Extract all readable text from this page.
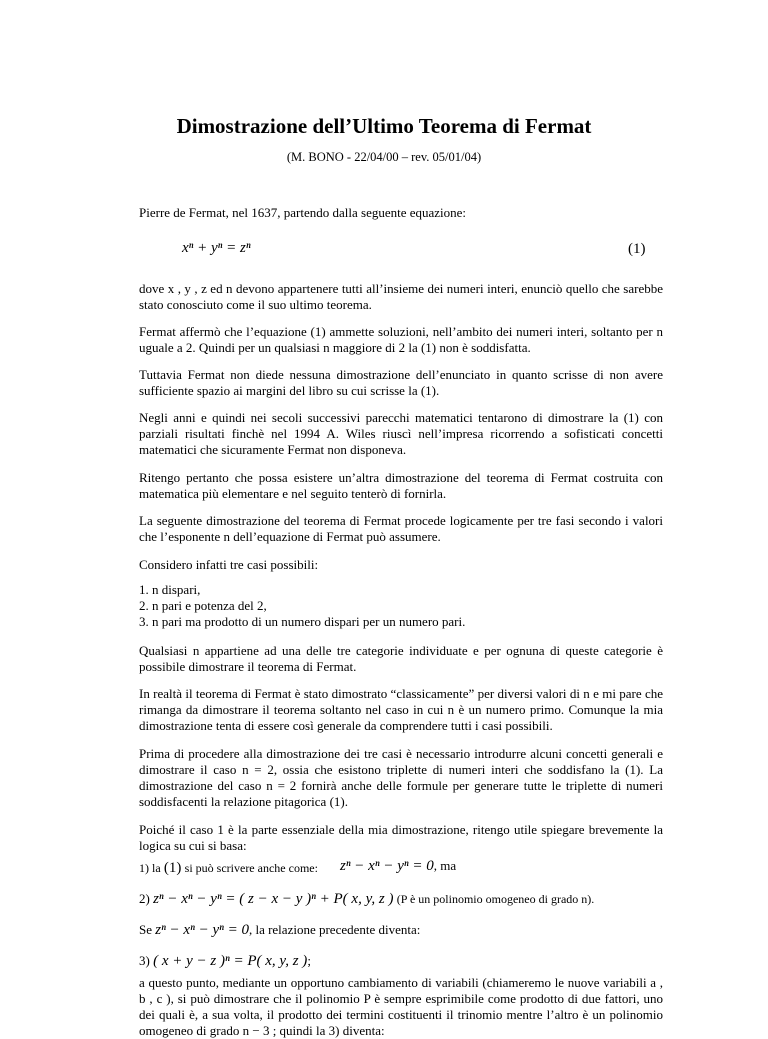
Dimostrazione dell’Ultimo Teorema di Fermat
(M. BONO - 22/04/00 – rev. 05/01/04)

Pierre de Fermat, nel 1637, partendo dalla seguente equazione:

xⁿ + yⁿ = zⁿ	(1)

dove x , y , z ed n devono appartenere tutti all’insieme dei numeri interi, enunciò quello che sarebbe stato conosciuto come il suo ultimo teorema.

Fermat affermò che l’equazione (1) ammette soluzioni, nell’ambito dei numeri interi, soltanto per n uguale a 2. Quindi per un qualsiasi n maggiore di 2 la (1) non è soddisfatta.

Tuttavia Fermat non diede nessuna dimostrazione dell’enunciato in quanto scrisse di non avere sufficiente spazio ai margini del libro su cui scrisse la (1).

Negli anni e quindi nei secoli successivi parecchi matematici tentarono di dimostrare la (1) con parziali risultati finchè nel 1994 A. Wiles riuscì nell’impresa ricorrendo a sofisticati concetti matematici che sicuramente Fermat non disponeva.

Ritengo pertanto che possa esistere un’altra dimostrazione del teorema di Fermat costruita con matematica più elementare e nel seguito tenterò di fornirla.

La seguente dimostrazione del teorema di Fermat procede logicamente per tre fasi secondo i valori che l’esponente n dell’equazione di Fermat può assumere.

Considero infatti tre casi possibili:

1. n dispari,
2. n pari e potenza del 2,
3. n pari ma prodotto di un numero dispari per un numero pari.

Qualsiasi n appartiene ad una delle tre categorie individuate e per ognuna di queste categorie è possibile dimostrare il teorema di Fermat.

In realtà il teorema di Fermat è stato dimostrato “classicamente” per diversi valori di n e mi pare che rimanga da dimostrare il teorema soltanto nel caso in cui n è un numero primo. Comunque la mia dimostrazione tenta di essere così generale da comprendere tutti i casi possibili.

Prima di procedere alla dimostrazione dei tre casi è necessario introdurre alcuni concetti generali e dimostrare il caso n = 2, ossia che esistono triplette di numeri interi che soddisfano la (1). La dimostrazione del caso n = 2 fornirà anche delle formule per generare tutte le triplette di numeri soddisfacenti la relazione pitagorica (1).

Poiché il caso 1 è la parte essenziale della mia dimostrazione, ritengo utile spiegare brevemente la logica su cui si basa:

1) la (1) si può scrivere anche come: zⁿ − xⁿ − yⁿ = 0, ma
2) zⁿ − xⁿ − yⁿ = ( z − x − y )ⁿ + P( x, y, z ) (P è un polinomio omogeneo di grado n).
Se zⁿ − xⁿ − yⁿ = 0, la relazione precedente diventa:
3) ( x + y − z )ⁿ = P( x, y, z );

a questo punto, mediante un opportuno cambiamento di variabili (chiameremo le nuove variabili a , b , c ), si può dimostrare che il polinomio P è sempre esprimibile come prodotto di due fattori, uno dei quali è, a sua volta, il prodotto dei termini costituenti il trinomio mentre l’altro è un polinomio omogeneo di grado n − 3 ; quindi la 3) diventa:
